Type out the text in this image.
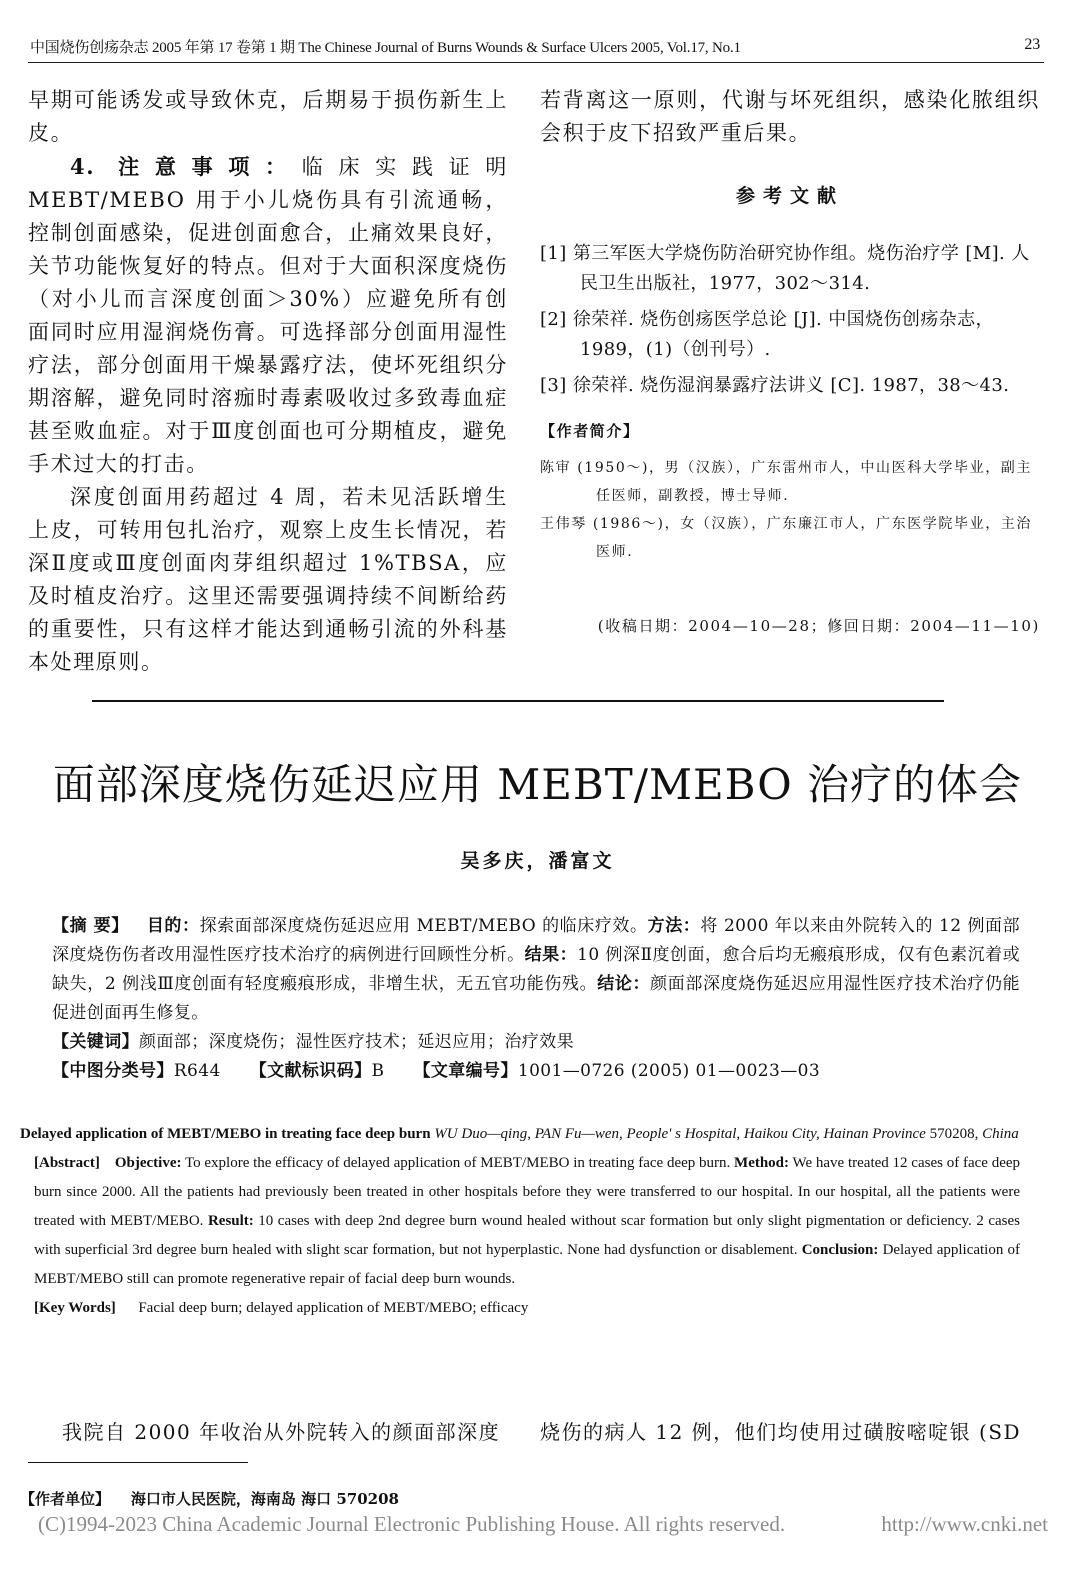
中国烧伤创疡杂志 2005 年第 17 卷第 1 期 The Chinese Journal of Burns Wounds & Surface Ulcers 2005, Vol.17, No.1	23

早期可能诱发或导致休克，后期易于损伤新生上皮。

4. 注意事项：临床实践证明 MEBT/MEBO 用于小儿烧伤具有引流通畅，控制创面感染，促进创面愈合，止痛效果良好，关节功能恢复好的特点。但对于大面积深度烧伤（对小儿而言深度创面＞30%）应避免所有创面同时应用湿润烧伤膏。可选择部分创面用湿性疗法，部分创面用干燥暴露疗法，使坏死组织分期溶解，避免同时溶痂时毒素吸收过多致毒血症甚至败血症。对于Ⅲ度创面也可分期植皮，避免手术过大的打击。

深度创面用药超过 4 周，若未见活跃增生上皮，可转用包扎治疗，观察上皮生长情况，若深Ⅱ度或Ⅲ度创面肉芽组织超过 1%TBSA，应及时植皮治疗。这里还需要强调持续不间断给药的重要性，只有这样才能达到通畅引流的外科基本处理原则。

若背离这一原则，代谢与坏死组织，感染化脓组织会积于皮下招致严重后果。

参考文献
[1] 第三军医大学烧伤防治研究协作组。烧伤治疗学 [M]. 人民卫生出版社，1977，302～314.
[2] 徐荣祥. 烧伤创疡医学总论 [J]. 中国烧伤创疡杂志，1989，(1)（创刊号）.
[3] 徐荣祥. 烧伤湿润暴露疗法讲义 [C]. 1987，38～43.
【作者简介】
陈审 (1950～)，男（汉族），广东雷州市人，中山医科大学毕业，副主任医师，副教授，博士导师.
王伟琴 (1986～)，女（汉族），广东廉江市人，广东医学院毕业，主治医师.
(收稿日期：2004—10—28；修回日期：2004—11—10)
面部深度烧伤延迟应用 MEBT/MEBO 治疗的体会
吴多庆，潘富文

【摘 要】 目的：探索面部深度烧伤延迟应用 MEBT/MEBO 的临床疗效。方法：将 2000 年以来由外院转入的 12 例面部深度烧伤伤者改用湿性医疗技术治疗的病例进行回顾性分析。结果：10 例深Ⅱ度创面，愈合后均无瘢痕形成，仅有色素沉着或缺失，2 例浅Ⅲ度创面有轻度瘢痕形成，非增生状，无五官功能伤残。结论：颜面部深度烧伤延迟应用湿性医疗技术治疗仍能促进创面再生修复。

【关键词】颜面部；深度烧伤；湿性医疗技术；延迟应用；治疗效果

【中图分类号】R644 【文献标识码】B 【文章编号】1001—0726 (2005) 01—0023—03

Delayed application of MEBT/MEBO in treating face deep burn WU Duo—qing, PAN Fu—wen, People' s Hospital, Haikou City, Hainan Province 570208, China

[Abstract] Objective: To explore the efficacy of delayed application of MEBT/MEBO in treating face deep burn. Method: We have treated 12 cases of face deep burn since 2000. All the patients had previously been treated in other hospitals before they were transferred to our hospital. In our hospital, all the patients were treated with MEBT/MEBO. Result: 10 cases with deep 2nd degree burn wound healed without scar formation but only slight pigmentation or deficiency. 2 cases with superficial 3rd degree burn healed with slight scar formation, but not hyperplastic. None had dysfunction or disablement. Conclusion: Delayed application of MEBT/MEBO still can promote regenerative repair of facial deep burn wounds.

[Key Words] Facial deep burn; delayed application of MEBT/MEBO; efficacy

我院自 2000 年收治从外院转入的颜面部深度	烧伤的病人 12 例，他们均使用过磺胺嘧啶银 (SD
【作者单位】 海口市人民医院，海南岛 海口 570208
(C)1994-2023 China Academic Journal Electronic Publishing House. All rights reserved.	http://www.cnki.net
